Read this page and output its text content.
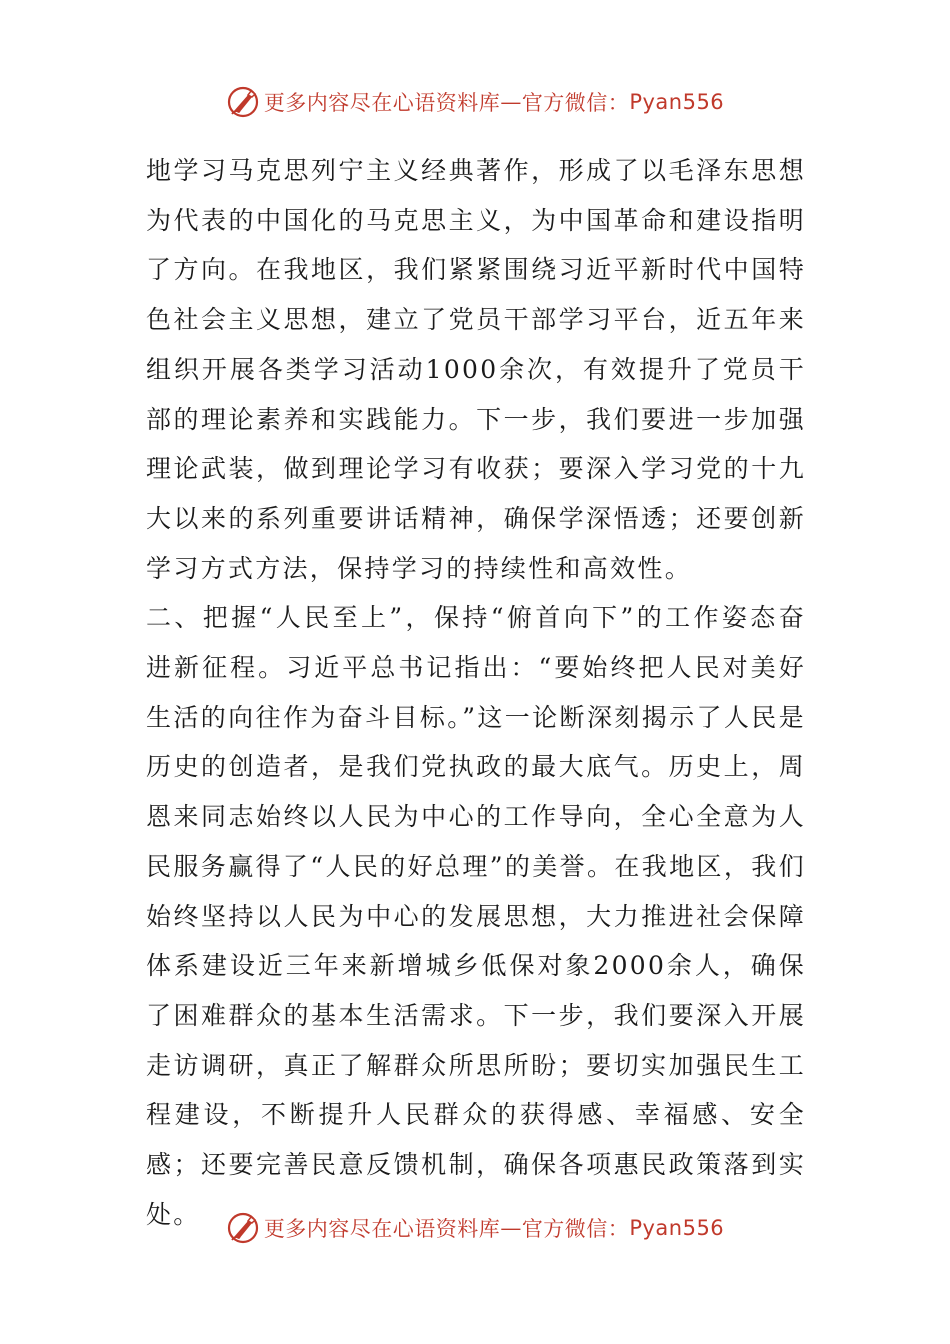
更多内容尽在心语资料库 — 官方微信： Pyan556

地学习马克思列宁主义经典著作，形成了以毛泽东思想为代表的中国化的马克思主义，为中国革命和建设指明了方向。在我地区，我们紧紧围绕习近平新时代中国特色社会主义思想，建立了党员干部学习平台，近五年来组织开展各类学习活动1000余次，有效提升了党员干部的理论素养和实践能力。下一步，我们要进一步加强理论武装，做到理论学习有收获；要深入学习党的十九大以来的系列重要讲话精神，确保学深悟透；还要创新学习方式方法，保持学习的持续性和高效性。

二、把握“人民至上”，保持“俯首向下”的工作姿态奋进新征程。习近平总书记指出：“要始终把人民对美好生活的向往作为奋斗目标。”这一论断深刻揭示了人民是历史的创造者，是我们党执政的最大底气。历史上，周恩来同志始终以人民为中心的工作导向，全心全意为人民服务赢得了“人民的好总理”的美誉。在我地区，我们始终坚持以人民为中心的发展思想，大力推进社会保障体系建设近三年来新增城乡低保对象2000余人，确保了困难群众的基本生活需求。下一步，我们要深入开展走访调研，真正了解群众所思所盼；要切实加强民生工程建设，不断提升人民群众的获得感、幸福感、安全感；还要完善民意反馈机制，确保各项惠民政策落到实处。

更多内容尽在心语资料库 — 官方微信： Pyan556
